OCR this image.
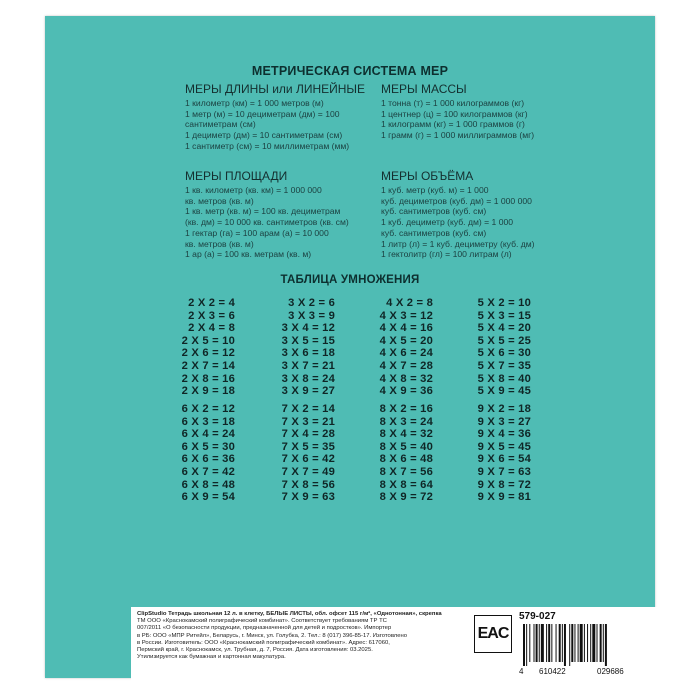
МЕТРИЧЕСКАЯ СИСТЕМА МЕР
МЕРЫ ДЛИНЫ или ЛИНЕЙНЫЕ
1 километр (км) = 1 000 метров (м)
1 метр (м) = 10 дециметрам (дм) = 100
сантиметрам (см)
1 дециметр (дм) = 10 сантиметрам (см)
1 сантиметр (см) = 10 миллиметрам (мм)
МЕРЫ МАССЫ
1 тонна (т) = 1 000 килограммов (кг)
1 центнер (ц) = 100 килограммов (кг)
1 килограмм (кг) = 1 000 граммов (г)
1 грамм (г) = 1 000 миллиграммов (мг)
МЕРЫ ПЛОЩАДИ
1 кв. километр (кв. км) = 1 000 000
кв. метров (кв. м)
1 кв. метр (кв. м) = 100 кв. дециметрам
(кв. дм) = 10 000 кв. сантиметров (кв. см)
1 гектар (га) = 100 арам (а) = 10 000
кв. метров (кв. м)
1 ар (а) = 100 кв. метрам (кв. м)
МЕРЫ ОБЪЁМА
1 куб. метр (куб. м) = 1 000
куб. дециметров (куб. дм) = 1 000 000
куб. сантиметров (куб. см)
1 куб. дециметр (куб. дм) = 1 000
куб. сантиметров (куб. см)
1 литр (л) = 1 куб. дециметру (куб. дм)
1 гектолитр (гл) = 100 литрам (л)
ТАБЛИЦА УМНОЖЕНИЯ
2 X 2 = 4
2 X 3 = 6
2 X 4 = 8
2 X 5 = 10
2 X 6 = 12
2 X 7 = 14
2 X 8 = 16
2 X 9 = 18
3 X 2 = 6
3 X 3 = 9
3 X 4 = 12
3 X 5 = 15
3 X 6 = 18
3 X 7 = 21
3 X 8 = 24
3 X 9 = 27
4 X 2 = 8
4 X 3 = 12
4 X 4 = 16
4 X 5 = 20
4 X 6 = 24
4 X 7 = 28
4 X 8 = 32
4 X 9 = 36
5 X 2 = 10
5 X 3 = 15
5 X 4 = 20
5 X 5 = 25
5 X 6 = 30
5 X 7 = 35
5 X 8 = 40
5 X 9 = 45
6 X 2 = 12
6 X 3 = 18
6 X 4 = 24
6 X 5 = 30
6 X 6 = 36
6 X 7 = 42
6 X 8 = 48
6 X 9 = 54
7 X 2 = 14
7 X 3 = 21
7 X 4 = 28
7 X 5 = 35
7 X 6 = 42
7 X 7 = 49
7 X 8 = 56
7 X 9 = 63
8 X 2 = 16
8 X 3 = 24
8 X 4 = 32
8 X 5 = 40
8 X 6 = 48
8 X 7 = 56
8 X 8 = 64
8 X 9 = 72
9 X 2 = 18
9 X 3 = 27
9 X 4 = 36
9 X 5 = 45
9 X 6 = 54
9 X 7 = 63
9 X 8 = 72
9 X 9 = 81
ClipStudio Тетрадь школьная 12 л. в клетку, БЕЛЫЕ ЛИСТЫ, обл. офсет 115 г/м², «Однотонная», скрепка
ТМ ООО «Краснокамский полиграфический комбинат». Соответствует требованиям ТР ТС
007/2011 «О безопасности продукции, предназначенной для детей и подростков». Импортер
в РБ: ООО «МПР Ритейл», Беларусь, г. Минск, ул. Голубка, 2. Тел.: 8 (017) 396-85-17. Изготовлено
в России. Изготовитель: ООО «Краснокамский полиграфический комбинат». Адрес: 617060,
Пермский край, г. Краснокамск, ул. Трубная, д. 7, Россия. Дата изготовления: 03.2025.
Утилизируется как бумажная и картонная макулатура.
EAC
579-027
4 610422	029686
